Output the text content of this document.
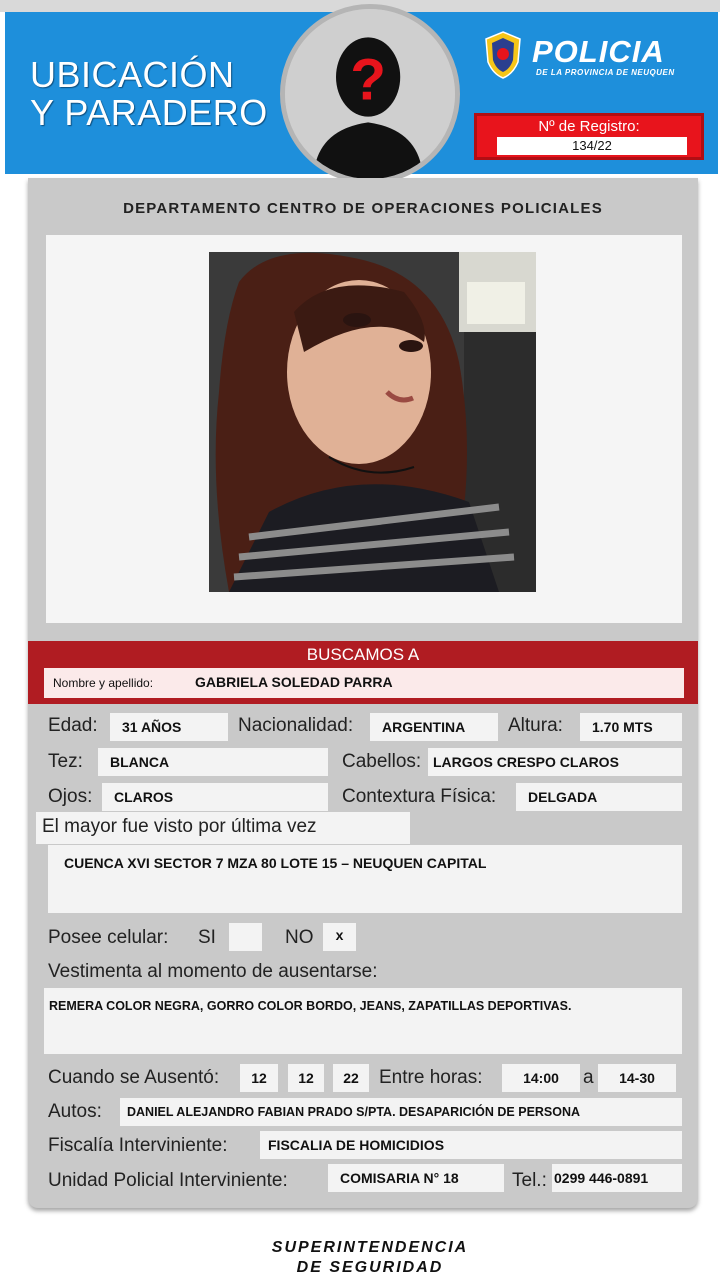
UBICACIÓN
Y PARADERO ?	POLICIA
DE LA PROVINCIA DE NEUQUEN
Nº de Registro:
134/22
DEPARTAMENTO CENTRO DE OPERACIONES POLICIALES
BUSCAMOS A
Nombre y apellido:	GABRIELA SOLEDAD PARRA
Edad:	31 AÑOS	Nacionalidad:	ARGENTINA	Altura:	1.70 MTS
Tez:	BLANCA	Cabellos: LARGOS CRESPO CLAROS
Ojos:	CLAROS	Contextura Física:	DELGADA
El mayor fue visto por última vez
CUENCA XVI SECTOR 7 MZA 80 LOTE 15 – NEUQUEN CAPITAL
Posee celular: SI	NO	x
Vestimenta al momento de ausentarse:
REMERA COLOR NEGRA, GORRO COLOR BORDO, JEANS, ZAPATILLAS DEPORTIVAS.
Cuando se Ausentó:	12	12	22	Entre horas:	14:00	a	14-30
Autos:	DANIEL ALEJANDRO FABIAN PRADO S/PTA. DESAPARICIÓN DE PERSONA
Fiscalía Interviniente:	FISCALIA DE HOMICIDIOS
Unidad Policial Interviniente:	COMISARIA N° 18	Tel.: 0299 446-0891
SUPERINTENDENCIA
DE SEGURIDAD
